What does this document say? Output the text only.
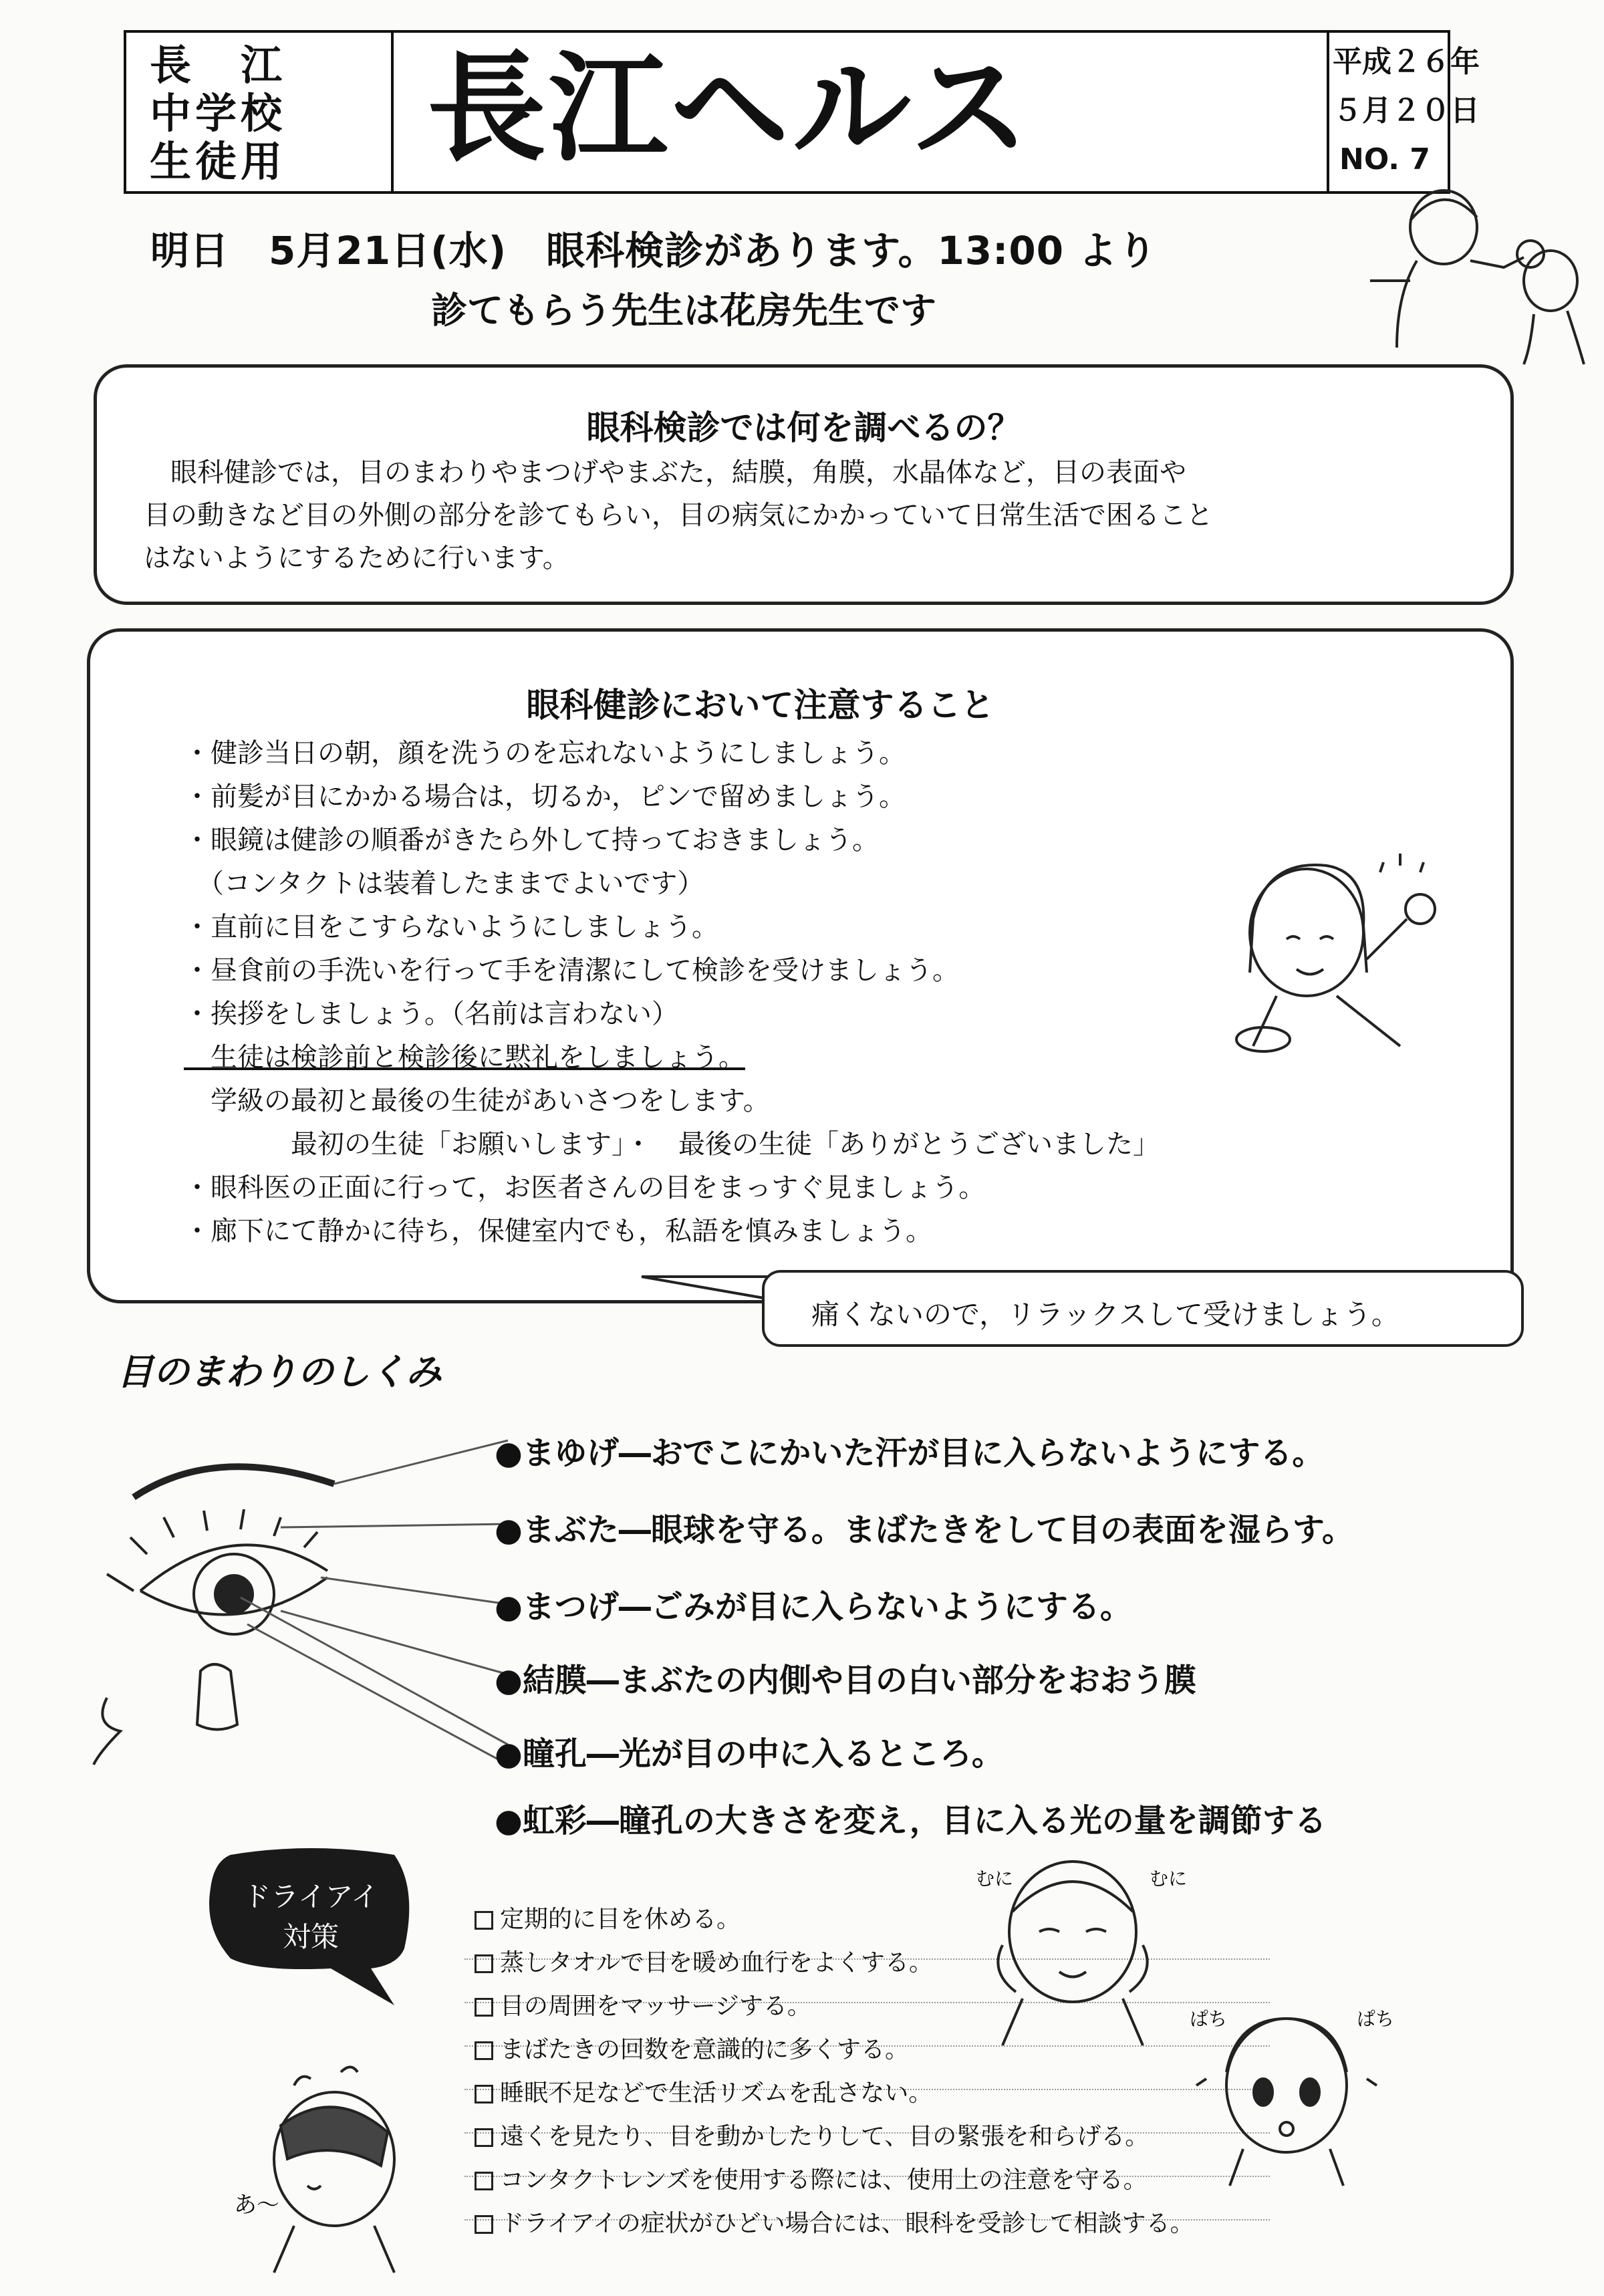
長　江
中学校
生徒用 長江ヘルス	平成２６年
５月２０日
NO. 7
明日　5月21日(水)　眼科検診があります。13:00 より
診てもらう先生は花房先生です
眼科検診では何を調べるの？
　眼科健診では，目のまわりやまつげやまぶた，結膜，角膜，水晶体など，目の表面や
目の動きなど目の外側の部分を診てもらい，目の病気にかかっていて日常生活で困ること
はないようにするために行います。
眼科健診において注意すること
・健診当日の朝，顔を洗うのを忘れないようにしましょう。
・前髪が目にかかる場合は，切るか，ピンで留めましょう。
・眼鏡は健診の順番がきたら外して持っておきましょう。
　（コンタクトは装着したままでよいです）
・直前に目をこすらないようにしましょう。
・昼食前の手洗いを行って手を清潔にして検診を受けましょう。
・挨拶をしましょう。（名前は言わない）
　生徒は検診前と検診後に黙礼をしましょう。
　学級の最初と最後の生徒があいさつをします。
　　　　最初の生徒「お願いします」・　最後の生徒「ありがとうございました」
・眼科医の正面に行って，お医者さんの目をまっすぐ見ましょう。
・廊下にて静かに待ち，保健室内でも，私語を慎みましょう。
痛くないので，リラックスして受けましょう。
目のまわりのしくみ
●まゆげ―おでこにかいた汗が目に入らないようにする。
●まぶた―眼球を守る。まばたきをして目の表面を湿らす。
●まつげ―ごみが目に入らないようにする。
●結膜―まぶたの内側や目の白い部分をおおう膜
●瞳孔―光が目の中に入るところ。
●虹彩―瞳孔の大きさを変え，目に入る光の量を調節する
ドライアイ
対策
定期的に目を休める。
蒸しタオルで目を暖め血行をよくする。
目の周囲をマッサージする。
まばたきの回数を意識的に多くする。
睡眠不足などで生活リズムを乱さない。
遠くを見たり、目を動かしたりして、目の緊張を和らげる。
コンタクトレンズを使用する際には、使用上の注意を守る。
ドライアイの症状がひどい場合には、眼科を受診して相談する。
あ～
むに	むに
ぱち	ぱち
